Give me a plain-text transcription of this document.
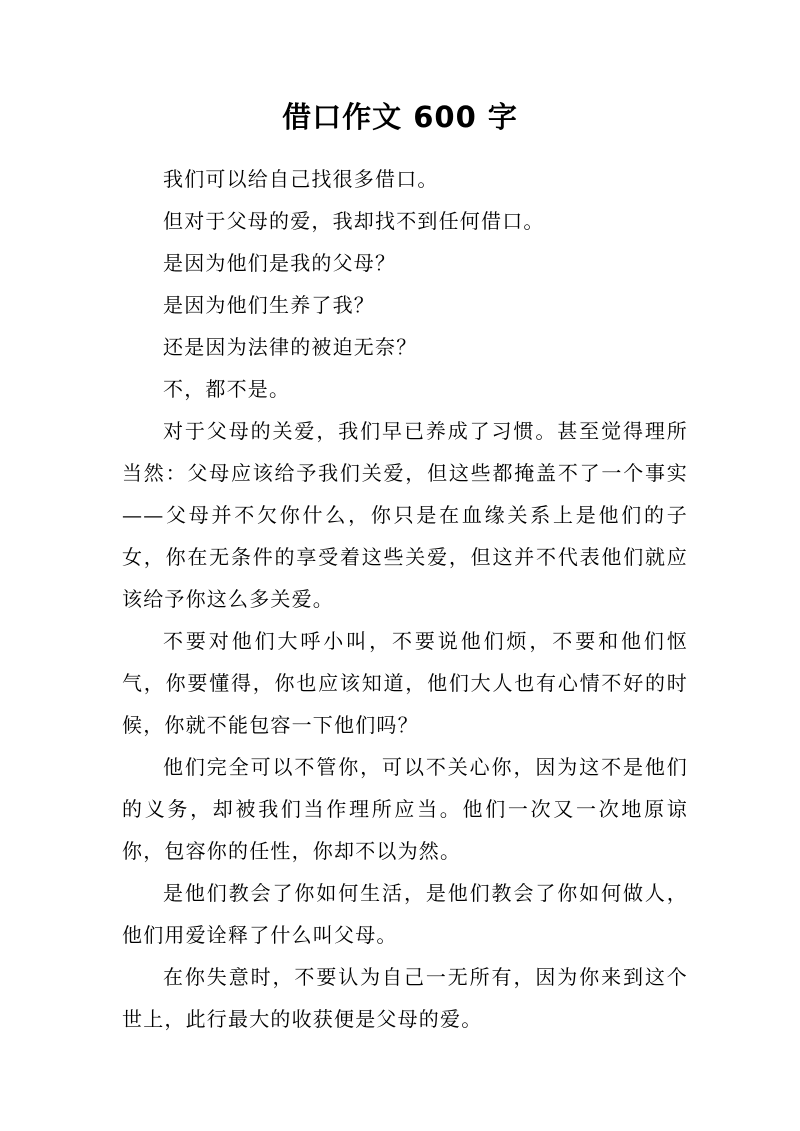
借口作文 600 字

我们可以给自己找很多借口。

但对于父母的爱，我却找不到任何借口。

是因为他们是我的父母？

是因为他们生养了我？

还是因为法律的被迫无奈？

不，都不是。

对于父母的关爱，我们早已养成了习惯。甚至觉得理所当然：父母应该给予我们关爱，但这些都掩盖不了一个事实——父母并不欠你什么，你只是在血缘关系上是他们的子女，你在无条件的享受着这些关爱，但这并不代表他们就应该给予你这么多关爱。

不要对他们大呼小叫，不要说他们烦，不要和他们怄气，你要懂得，你也应该知道，他们大人也有心情不好的时候，你就不能包容一下他们吗？

他们完全可以不管你，可以不关心你，因为这不是他们的义务，却被我们当作理所应当。他们一次又一次地原谅你，包容你的任性，你却不以为然。

是他们教会了你如何生活，是他们教会了你如何做人，他们用爱诠释了什么叫父母。

在你失意时，不要认为自己一无所有，因为你来到这个世上，此行最大的收获便是父母的爱。
